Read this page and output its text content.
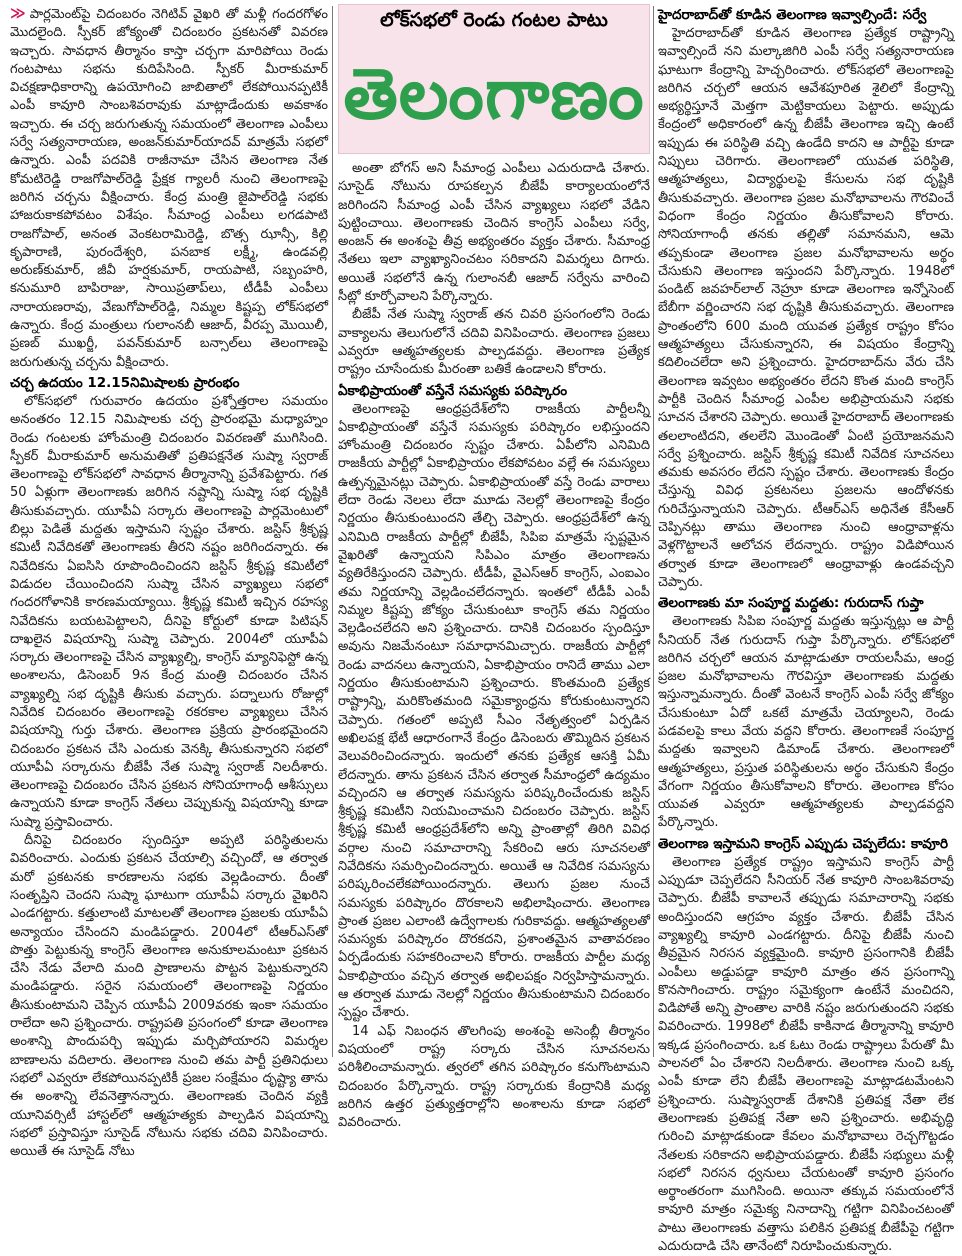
≫ పార్లమెంట్‌పై చిదంబరం నెగిటివ్ వైఖరి తో మళ్లీ గందరగోళం మొదలైంది. స్పీకర్ జోక్యంతో చిదంబరం ప్రకటనతో వివరణ ఇచ్చారు. సావధాన తీర్మానం కాస్తా చర్చగా మారిపోయి రెండు గంటపాటు సభను కుదిపేసింది. స్పీకర్ మీరాకుమార్ విచక్షణాధికారాన్ని ఉపయోగించి జాబితాలో లేకపోయినప్పటికీ ఎంపీ కావూరి సాంబశివరావుకు మాట్లాడేందుకు అవకాశం ఇచ్చారు. ఈ చర్చ జరుగుతున్న సమయంలో తెలంగాణ ఎంపీలు సర్వే సత్యనారాయణ, అంజన్‌కుమార్‌యాదవ్ మాత్రమే సభలో ఉన్నారు. ఎంపీ పదవికి రాజీనామా చేసిన తెలంగాణ నేత కోమటిరెడ్డి రాజగోపాల్‌రెడ్డి ప్రేక్షక గ్యాలరీ నుంచి తెలంగాణపై జరిగిన చర్చను వీక్షించారు. కేంద్ర మంత్రి జైపాల్‌రెడ్డి సభకు హాజరుకాకపోవటం విశేషం. సీమాంధ్ర ఎంపీలు లగడపాటి రాజగోపాల్, అనంత వెంకటరామిరెడ్డి, బొత్స ఝాన్సీ, కిల్లి కృపారాణి, పురందేశ్వరి, పనబాక లక్ష్మీ, ఉండవల్లి అరుణ్‌కుమార్, జీవీ హర్షకుమార్, రాయపాటి, సబ్బంహరి, కనుమూరి బాపిరాజు, సాయిప్రతాప్‌లు, టీడీపీ ఎంపీలు నారాయణరావు, వేణుగోపాల్‌రెడ్డి, నిమ్మల కిష్టప్ప లోక్‌సభలో ఉన్నారు. కేంద్ర మంత్రులు గులాంనబీ ఆజాద్, వీరప్ప మొయిలీ, ప్రణబ్ ముఖర్జీ, పవన్‌కుమార్ బన్సాల్‌లు తెలంగాణపై జరుగుతున్న చర్చను వీక్షించారు.

చర్చ ఉదయం 12.15నిమిషాలకు ప్రారంభం

లోక్‌సభలో గురువారం ఉదయం ప్రశ్నోత్తరాల సమయం అనంతరం 12.15 నిమిషాలకు చర్చ ప్రారంభమై మధ్యాహ్నం రెండు గంటలకు హోంమంత్రి చిదంబరం వివరణతో ముగిసింది. స్పీకర్ మీరాకుమార్ అనుమతితో ప్రతిపక్షనేత సుష్మా స్వరాజ్ తెలంగాణపై లోక్‌సభలో సావధాన తీర్మానాన్ని ప్రవేశపెట్టారు. గత 50 ఏళ్లుగా తెలంగాణకు జరిగిన నష్టాన్ని సుష్మా సభ దృష్టికి తీసుకువచ్చారు. యూపీఏ సర్కారు తెలంగాణపై పార్లమెంటులో బిల్లు పెడితే మద్దతు ఇస్తామని స్పష్టం చేశారు. జస్టిస్ శ్రీకృష్ణ కమిటీ నివేదికతో తెలంగాణకు తీరని నష్టం జరిగిందన్నారు. ఈ నివేదికను ఏఐసిసి రూపొందించిందని జస్టిస్ శ్రీకృష్ణ కమిటీలో విడుదల చేయించిందని సుష్మా చేసిన వ్యాఖ్యలు సభలో గందరగోళానికి కారణమయ్యాయి. శ్రీకృష్ణ కమిటీ ఇచ్చిన రహస్య నివేదికను బయటపెట్టాలని, దీనిపై కోర్టులో కూడా పిటిషన్ దాఖలైన విషయాన్ని సుష్మా చెప్పారు. 2004లో యూపీఏ సర్కారు తెలంగాణపై చేసిన వ్యాఖ్యల్ని, కాంగ్రెస్ మ్యానిఫెస్టో ఉన్న అంశాలను, డిసెంబర్ 9న కేంద్ర మంత్రి చిదంబరం చేసిన వ్యాఖ్యల్ని సభ దృష్టికి తీసుకు వచ్చారు. పద్నాలుగు రోజుల్లో నివేదిక చిదంబరం తెలంగాణపై రకరకాల వ్యాఖ్యలు చేసిన విషయాన్ని గుర్తు చేశారు. తెలంగాణ ప్రక్రియ ప్రారంభమైందని చిదంబరం ప్రకటన చేసి ఎందుకు వెనక్కి తీసుకున్నారని సభలో యూపీఏ సర్కారును బీజేపీ నేత సుష్మా స్వరాజ్ నిలదీశారు. తెలంగాణపై చిదంబరం చేసిన ప్రకటన సోనియాగాంధీ ఆశీస్సులు ఉన్నాయని కూడా కాంగ్రెస్ నేతలు చెప్పుకున్న విషయాన్ని కూడా సుష్మా ప్రస్తావించారు.

దీనిపై చిదంబరం స్పందిస్తూ అప్పటి పరిస్థితులను వివరించారు. ఎందుకు ప్రకటన చేయాల్సి వచ్చిందో, ఆ తర్వాత మరో ప్రకటనకు కారణాలను సభకు వెల్లడించారు. దీంతో సంతృప్తిని చెందని సుష్మా ఘాటుగా యూపీఏ సర్కారు వైఖరిని ఎండగట్టారు. కత్తులాంటి మాటలతో తెలంగాణ ప్రజలకు యూపీఏ అన్యాయం చేసిందని మండిపడ్డారు. 2004లో టీఆర్‌ఎస్‌తో పొత్తు పెట్టుకున్న కాంగ్రెస్ తెలంగాణ అనుకూలమంటూ ప్రకటన చేసి నేడు వేలాది మంది ప్రాణాలను పొట్టన పెట్టుకున్నారని మండిపడ్డారు. సరైన సమయంలో తెలంగాణపై నిర్ణయం తీసుకుంటామని చెప్పిన యూపీఏ 2009వరకు ఇంకా సమయం రాలేదా అని ప్రశ్నించారు. రాష్ట్రపతి ప్రసంగంలో కూడా తెలంగాణ అంశాన్ని పొందుపర్చి ఇప్పుడు మర్చిపోయారని విమర్శల బాణాలను వదిలారు. తెలంగాణ నుంచి తమ పార్టీ ప్రతినిధులు సభలో ఎవ్వరూ లేకపోయినప్పటికీ ప్రజల సంక్షేమం దృష్ట్యా తాను ఈ అంశాన్ని లేవనెత్తానన్నారు. తెలంగాణకు చెందిన వ్యక్తి యూనివర్సిటీ హాస్టల్‌లో ఆత్మహత్యకు పాల్పడిన విషయాన్ని సభలో ప్రస్తావిస్తూ సూసైడ్ నోటును సభకు చదివి వినిపించారు. అయితే ఈ సూసైడ్ నోటు

లోక్‌సభలో రెండు గంటల పాటు
తెలంగాణం

అంతా బోగస్ అని సీమాంధ్ర ఎంపీలు ఎదురుదాడి చేశారు. సూసైడ్ నోటును రూపకల్పన బీజేపీ కార్యాలయంలోనే జరిగిందని సీమాంధ్ర ఎంపీ చేసిన వ్యాఖ్యలు సభలో వేడిని పుట్టించాయి. తెలంగాణకు చెందిన కాంగ్రెస్ ఎంపీలు సర్వే, అంజన్ ఈ అంశంపై తీవ్ర అభ్యంతరం వ్యక్తం చేశారు. సీమాంధ్ర నేతలు ఇలా వ్యాఖ్యానించటం సరికాదని విమర్శలు దిగారు. అయితే సభలోనే ఉన్న గులాంనబీ ఆజాద్ సర్వేను వారించి సీట్లో కూర్చోవాలని పేర్కొన్నారు.

బీజేపీ నేత సుష్మా స్వరాజ్ తన చివరి ప్రసంగంలోని రెండు వాక్యాలను తెలుగులోనే చదివి వినిపించారు. తెలంగాణ ప్రజలు ఎవ్వరూ ఆత్మహత్యలకు పాల్పడవద్దు. తెలంగాణ ప్రత్యేక రాష్ట్రం చూసేందుకు మీరంతా బతికే ఉండాలని కోరారు.

ఏకాభిప్రాయంతో వస్తేనే సమస్యకు పరిష్కారం

తెలంగాణపై ఆంధ్రప్రదేశ్‌లోని రాజకీయ పార్టీలన్నీ ఏకాభిప్రాయంతో వస్తేనే సమస్యకు పరిష్కారం లభిస్తుందని హోంమంత్రి చిదంబరం స్పష్టం చేశారు. ఏపీలోని ఎనిమిది రాజకీయ పార్టీల్లో ఏకాభిప్రాయం లేకపోవటం వల్లే ఈ సమస్యలు ఉత్పన్నమైనట్లు చెప్పారు. ఏకాభిప్రాయంతో వస్తే రెండు వారాలు లేదా రెండు నెలలు లేదా మూడు నెలల్లో తెలంగాణపై కేంద్రం నిర్ణయం తీసుకుంటుందని తేల్చి చెప్పారు. ఆంధ్రప్రదేశ్‌లో ఉన్న ఎనిమిది రాజకీయ పార్టీల్లో బీజేపీ, సిపిఐ మాత్రమే స్పష్టమైన వైఖరితో ఉన్నాయని సిపిఎం మాత్రం తెలంగాణను వ్యతిరేకిస్తుందని చెప్పారు. టీడీపీ, వైఎస్‌ఆర్ కాంగ్రెస్, ఎంఐఎం తమ నిర్ణయాన్ని వెల్లడించలేదన్నారు. ఇంతలో టీడీపీ ఎంపీ నిమ్మల కిష్టప్ప జోక్యం చేసుకుంటూ కాంగ్రెస్ తమ నిర్ణయం వెల్లడించలేదని అని ప్రశ్నించారు. దానికి చిదంబరం స్పందిస్తూ అవును నిజమేనంటూ సమాధానమిచ్చారు. రాజకీయ పార్టీల్లో రెండు వాదనలు ఉన్నాయని, ఏకాభిప్రాయం రానిదే తాము ఎలా నిర్ణయం తీసుకుంటామని ప్రశ్నించారు. కొంతమంది ప్రత్యేక రాష్ట్రాన్ని, మరికొంతమంది సమైక్యాంధ్రను కోరుకుంటున్నారని చెప్పారు. గతంలో అప్పటి సీఎం నేతృత్వంలో ఏర్పడిన అఖిలపక్ష భేటీ ఆధారంగానే కేంద్రం డిసెంబరు తొమ్మిదిన ప్రకటన వెలువరించిందన్నారు. ఇందులో తనకు ప్రత్యేక ఆసక్తి ఏమీ లేదన్నారు. తాను ప్రకటన చేసిన తర్వాత సీమాంధ్రలో ఉద్యమం వచ్చిందని ఆ తర్వాత సమస్యను పరిష్కరించేందుకు జస్టిస్ శ్రీకృష్ణ కమిటీని నియమించామని చిదంబరం చెప్పారు. జస్టిస్ శ్రీకృష్ణ కమిటీ ఆంధ్రప్రదేశ్‌లోని అన్ని ప్రాంతాల్లో తిరిగి వివిధ వర్గాల నుంచి సమాచారాన్ని సేకరించి ఆరు సూచనలతో నివేదికను సమర్పించిందన్నారు. అయితే ఆ నివేదిక సమస్యను పరిష్కరించలేకపోయిందన్నారు. తెలుగు ప్రజల నుంచే సమస్యకు పరిష్కారం దొరకాలని అభిలాషించారు. తెలంగాణ ప్రాంత ప్రజల ఎలాంటి ఉద్వేగాలకు గురికావద్దు. ఆత్మహత్యలతో సమస్యకు పరిష్కారం దొరకదని, ప్రశాంతమైన వాతావరణం ఏర్పడేందుకు సహకరించాలని కోరారు. రాజకీయ పార్టీల మధ్య ఏకాభిప్రాయం వచ్చిన తర్వాత అభిలపక్షం నిర్వహిస్తామన్నారు. ఆ తర్వాత మూడు నెలల్లో నిర్ణయం తీసుకుంటామని చిదంబరం స్పష్టం చేశారు.

14 ఎఫ్ నిబంధన తొలగింపు అంశంపై అసెంబ్లీ తీర్మానం విషయంలో రాష్ట్ర సర్కారు చేసిన సూచనలను పరిశీలించామన్నారు. త్వరలో తగిన పరిష్కారం కనుగొంటామని చిదంబరం పేర్కొన్నారు. రాష్ట్ర సర్కారుకు కేంద్రానికి మధ్య జరిగిన ఉత్తర ప్రత్యుత్తరాల్లోని అంశాలను కూడా సభలో వివరించారు.

హైదరాబాద్‌తో కూడిన తెలంగాణ ఇవ్వాల్సిందే: సర్వే

హైదరాబాద్‌తో కూడిన తెలంగాణ ప్రత్యేక రాష్ట్రాన్ని ఇవ్వాల్సిందే నని మల్కాజిగిరి ఎంపీ సర్వే సత్యనారాయణ ఘాటుగా కేంద్రాన్ని హెచ్చరించారు. లోక్‌సభలో తెలంగాణపై జరిగిన చర్చలో ఆయన ఆవేశపూరిత శైలిలో కేంద్రాన్ని అభ్యర్థిస్తూనే మెత్తగా మెట్టికాయలు పెట్టారు. అప్పుడు కేంద్రంలో అధికారంలో ఉన్న బీజేపీ తెలంగాణ ఇచ్చి ఉంటే ఇప్పుడు ఈ పరిస్థితి వచ్చి ఉండేది కాదని ఆ పార్టీపై కూడా నిప్పులు చెరిగారు. తెలంగాణలో యువత పరిస్థితి, ఆత్మహత్యలు, విద్యార్థులపై కేసులను సభ దృష్టికి తీసుకువచ్చారు. తెలంగాణ ప్రజల మనోభావాలను గౌరవించే విధంగా కేంద్రం నిర్ణయం తీసుకోవాలని కోరారు. సోనియాగాంధీ తనకు తల్లితో సమానమని, ఆమె తప్పకుండా తెలంగాణ ప్రజల మనోభావాలను అర్థం చేసుకుని తెలంగాణ ఇస్తుందని పేర్కొన్నారు. 1948లో పండిట్ జవహర్‌లాల్ నెహ్రూ కూడా తెలంగాణ ఇన్నోసెంట్ బేబీగా వర్ణించారని సభ దృష్టికి తీసుకువచ్చారు. తెలంగాణ ప్రాంతంలోని 600 మంది యువత ప్రత్యేక రాష్ట్రం కోసం ఆత్మహత్యలు చేసుకున్నారని, ఈ విషయం కేంద్రాన్ని కదిలించలేదా అని ప్రశ్నించారు. హైదరాబాద్‌ను వేరు చేసి తెలంగాణ ఇవ్వటం అభ్యంతరం లేదని కొంత మంది కాంగ్రెస్ పార్టీకి చెందిన సీమాంధ్ర ఎంపీల అభిప్రాయమని సభకు సూచన చేశారని చెప్పారు. అయితే హైదరాబాద్ తెలంగాణకు తలలాంటిదని, తలలేని మొండెంతో ఏంటి ప్రయోజనమని సర్వే ప్రశ్నించారు. జస్టిస్ శ్రీకృష్ణ కమిటీ నివేదిక సూచనలు తమకు అవసరం లేదని స్పష్టం చేశారు. తెలంగాణకు కేంద్రం చేస్తున్న వివిధ ప్రకటనలు ప్రజలను ఆందోళనకు గురిచేస్తున్నాయని చెప్పారు. టీఆర్‌ఎస్ అధినేత కేసీఆర్ చెప్పినట్లు తాము తెలంగాణ నుంచి ఆంధ్రావాళ్లను వెళ్లగొట్టాలనే ఆలోచన లేదన్నారు. రాష్ట్రం విడిపోయిన తర్వాత కూడా తెలంగాణలో ఆంధ్రావాళ్లు ఉండవచ్చని చెప్పారు.

తెలంగాణకు మా సంపూర్ణ మద్దతు: గురుదాస్ గుప్తా

తెలంగాణకు సిపిఐ సంపూర్ణ మద్దతు ఇస్తున్నట్లు ఆ పార్టీ సీనియర్ నేత గురుదాస్ గుప్తా పేర్కొన్నారు. లోక్‌సభలో జరిగిన చర్చలో ఆయన మాట్లాడుతూ రాయలసీమ, ఆంధ్ర ప్రజల మనోభావాలను గౌరవిస్తూ తెలంగాణకు మద్దతు ఇస్తున్నామన్నారు. దీంతో వెంటనే కాంగ్రెస్ ఎంపీ సర్వే జోక్యం చేసుకుంటూ ఏదో ఒకటే మాత్రమే చెయ్యాలని, రెండు పడవలపై కాలు వేయ వద్దని కోరారు. తెలంగాణకే సంపూర్ణ మద్దతు ఇవ్వాలని డిమాండ్ చేశారు. తెలంగాణలో ఆత్మహత్యలు, ప్రస్తుత పరిస్థితులను అర్థం చేసుకుని కేంద్రం వేగంగా నిర్ణయం తీసుకోవాలని కోరారు. తెలంగాణ కోసం యువత ఎవ్వరూ ఆత్మహత్యలకు పాల్పడవద్దని పేర్కొన్నారు.

తెలంగాణ ఇస్తామని కాంగ్రెస్ ఎప్పుడు చెప్పలేదు: కావూరి

తెలంగాణ ప్రత్యేక రాష్ట్రం ఇస్తామని కాంగ్రెస్ పార్టీ ఎప్పుడూ చెప్పలేదని సీనియర్ నేత కావూరి సాంబశివరావు చెప్పారు. బీజేపీ కావాలనే తప్పుడు సమాచారాన్ని సభకు అందిస్తుందని ఆగ్రహం వ్యక్తం చేశారు. బీజేపీ చేసిన వ్యాఖ్యల్ని కావూరి ఎండగట్టారు. దీనిపై బీజేపీ నుంచి తీవ్రమైన నిరసన వ్యక్తమైంది. కావూరి ప్రసంగానికి బీజేపీ ఎంపీలు అడ్డుపడ్డా కావూరి మాత్రం తన ప్రసంగాన్ని కొనసాగించారు. రాష్ట్రం సమైక్యంగా ఉంటేనే మంచిదని, విడిపోతే అన్ని ప్రాంతాల వారికి నష్టం జరుగుతుందని సభకు వివరించారు. 1998లో బీజేపీ కాకినాడ తీర్మానాన్ని కావూరి ఇక్కడ ప్రసంగించారు. ఒక ఓటు రెండు రాష్ట్రాలు పేరుతో మీ పాలనలో ఏం చేశారని నిలదీశారు. తెలంగాణ నుంచి ఒక్క ఎంపీ కూడా లేని బీజేపీ తెలంగాణపై మాట్లాడటమేంటని ప్రశ్నించారు. సుష్మాస్వరాజ్ దేశానికి ప్రతిపక్ష నేతా లేక తెలంగాణకు ప్రతిపక్ష నేతా అని ప్రశ్నించారు. అభివృద్ధి గురించి మాట్లాడకుండా కేవలం మనోభావాలు రెచ్చగొట్టడం నేతలకు సరికాదని అభిప్రాయపడ్డారు. బీజేపీ సభ్యులు మళ్లీ సభలో నిరసన ధ్వనులు చేయటంతో కావూరి ప్రసంగం అర్థాంతరంగా ముగిసింది. అయినా తక్కువ సమయంలోనే కావూరి మాత్రం సమైక్య నినాదాన్ని గట్టిగా వినిపించటంతో పాటు తెలంగాణకు వత్తాసు పలికిన ప్రతిపక్ష బీజేపీపై గట్టిగా ఎదురుదాడి చేసి తానేంటో నిరూపించుకున్నారు.
